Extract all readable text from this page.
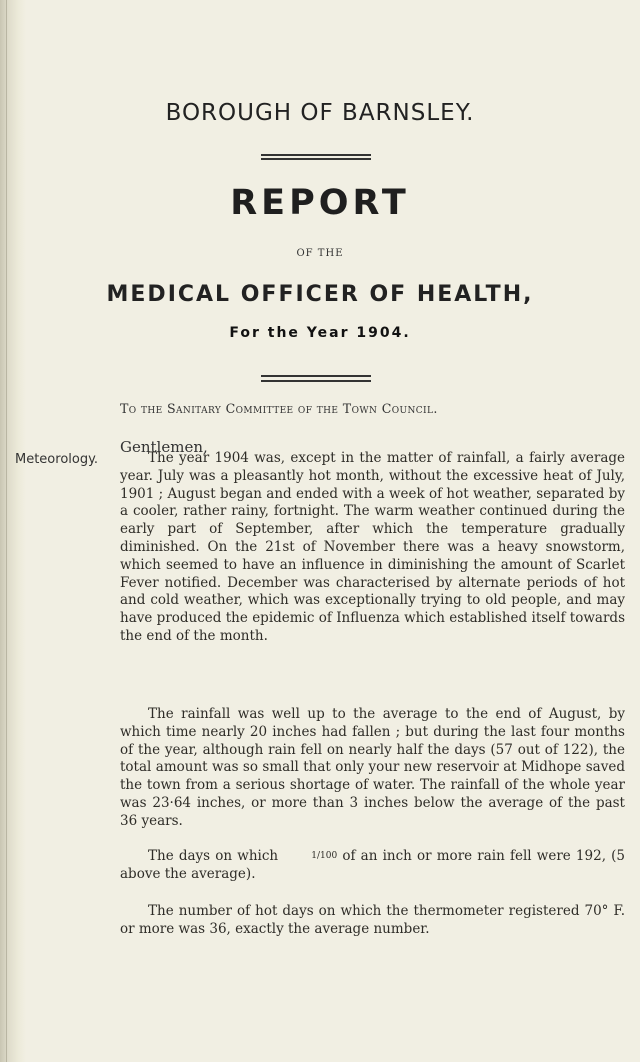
BOROUGH OF BARNSLEY.
REPORT
OF THE
MEDICAL OFFICER OF HEALTH,
For the Year 1904.
To the Sanitary Committee of the Town Council.
Gentlemen,
Meteorology.	The year 1904 was, except in the matter of rainfall, a fairly average year. July was a pleasantly hot month, without the excessive heat of July, 1901 ; August began and ended with a week of hot weather, separated by a cooler, rather rainy, fortnight. The warm weather continued during the early part of September, after which the temperature gradually diminished. On the 21st of November there was a heavy snowstorm, which seemed to have an influence in diminishing the amount of Scarlet Fever notified. December was characterised by alternate periods of hot and cold weather, which was exceptionally trying to old people, and may have produced the epidemic of Influenza which established itself towards the end of the month.

The rainfall was well up to the average to the end of August, by which time nearly 20 inches had fallen ; but during the last four months of the year, although rain fell on nearly half the days (57 out of 122), the total amount was so small that only your new reservoir at Midhope saved the town from a serious shortage of water. The rainfall of the whole year was 23·64 inches, or more than 3 inches below the average of the past 36 years.

The days on which	1/100 of an inch or more rain fell were 192, (5 above the average).

The number of hot days on which the thermometer registered 70° F. or more was 36, exactly the average number.
